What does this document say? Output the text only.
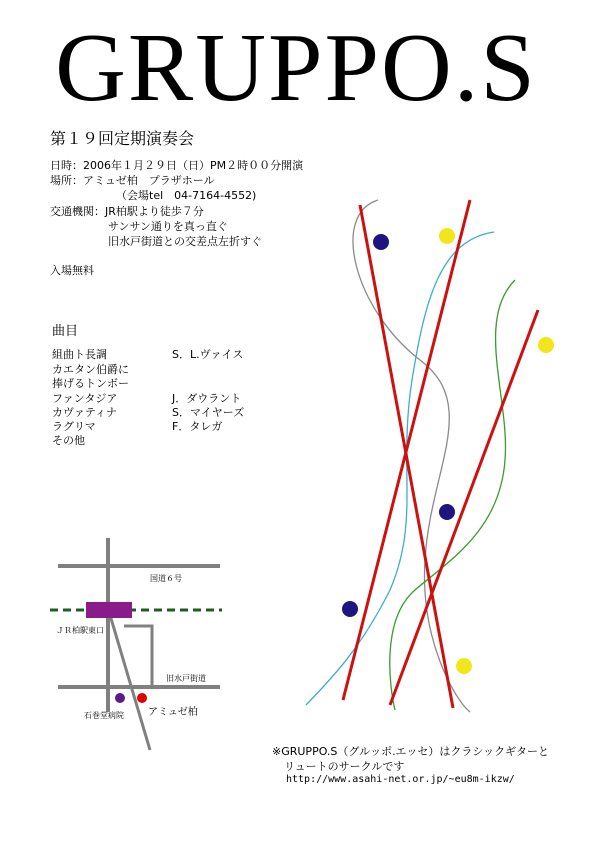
GRUPPO.S
第１９回定期演奏会
日時：2006年１月２９日（日）PM２時００分開演
場所：アミュゼ柏　プラザホール
（会場tel　04-7164-4552)
交通機関：JR柏駅より徒歩７分
サンサン通りを真っ直ぐ
旧水戸街道との交差点左折すぐ
入場無料
曲目
組曲ト長調	S．L.ヴァイス
カエタン伯爵に
捧げるトンボー
ファンタジア	J．ダウラント
カヴァティナ	S．マイヤーズ
ラグリマ	F．タレガ
その他
国道６号
ＪＲ柏駅東口
旧水戸街道
石巻堂病院 アミュゼ柏
※GRUPPO.S（グルッポ.エッセ）はクラシックギターと
リュートのサークルです
http://www.asahi-net.or.jp/~eu8m-ikzw/
